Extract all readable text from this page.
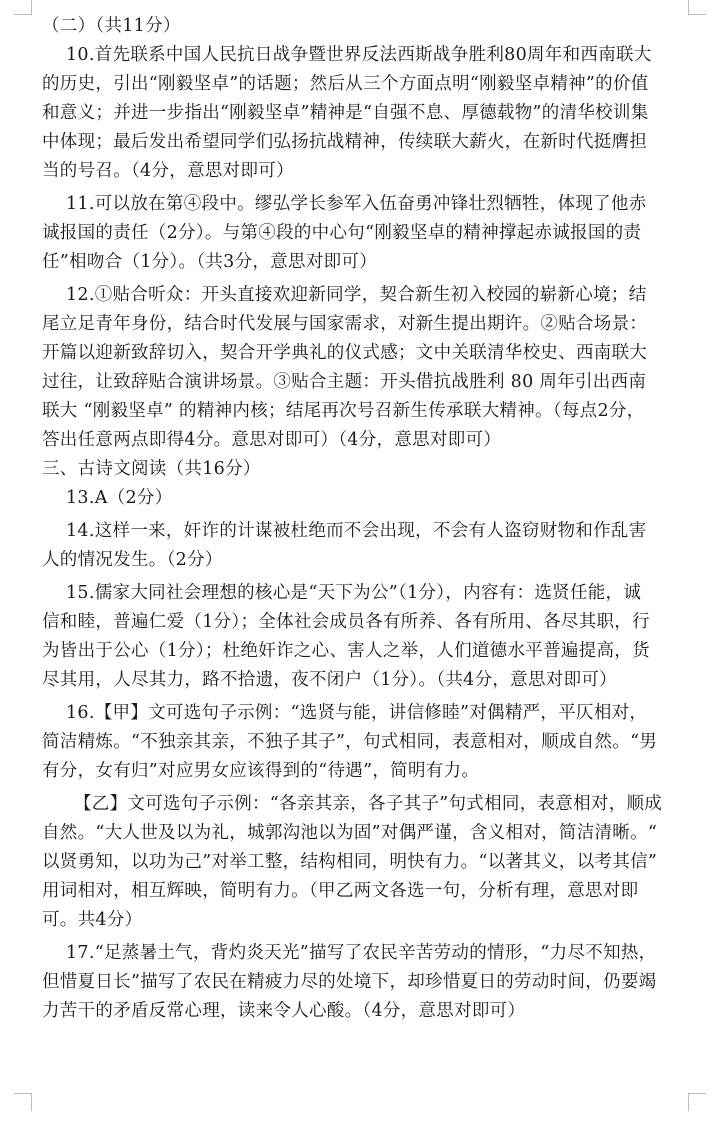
（二）（共11分）
10.首先联系中国人民抗日战争暨世界反法西斯战争胜利80周年和西南联大
的历史，引出“刚毅坚卓”的话题；然后从三个方面点明“刚毅坚卓精神”的价值
和意义；并进一步指出“刚毅坚卓”精神是“自强不息、厚德载物”的清华校训集
中体现；最后发出希望同学们弘扬抗战精神，传续联大薪火，在新时代挺膺担
当的号召。（4分，意思对即可）
11.可以放在第④段中。缪弘学长参军入伍奋勇冲锋壮烈牺牲，体现了他赤
诚报国的责任（2分）。与第④段的中心句“刚毅坚卓的精神撑起赤诚报国的责
任”相吻合（1分）。（共3分，意思对即可）
12.①贴合听众：开头直接欢迎新同学，契合新生初入校园的崭新心境；结
尾立足青年身份，结合时代发展与国家需求，对新生提出期许。②贴合场景：
开篇以迎新致辞切入，契合开学典礼的仪式感；文中关联清华校史、西南联大
过往，让致辞贴合演讲场景。③贴合主题：开头借抗战胜利 80 周年引出西南
联大 “刚毅坚卓” 的精神内核；结尾再次号召新生传承联大精神。（每点2分，
答出任意两点即得4分。意思对即可）（4分，意思对即可）
三、古诗文阅读（共16分）
13.A（2分）
14.这样一来，奸诈的计谋被杜绝而不会出现，不会有人盗窃财物和作乱害
人的情况发生。（2分）
15.儒家大同社会理想的核心是“天下为公”（1分），内容有：选贤任能，诚
信和睦，普遍仁爱（1分）；全体社会成员各有所养、各有所用、各尽其职，行
为皆出于公心（1分）；杜绝奸诈之心、害人之举，人们道德水平普遍提高，货
尽其用，人尽其力，路不拾遗，夜不闭户（1分）。（共4分，意思对即可）
16.【甲】文可选句子示例：“选贤与能，讲信修睦”对偶精严，平仄相对，
简洁精炼。“不独亲其亲，不独子其子”，句式相同，表意相对，顺成自然。“男
有分，女有归”对应男女应该得到的“待遇”，简明有力。
【乙】文可选句子示例：“各亲其亲，各子其子”句式相同，表意相对，顺成
自然。“大人世及以为礼，城郭沟池以为固”对偶严谨，含义相对，简洁清晰。“
以贤勇知，以功为己”对举工整，结构相同，明快有力。“以著其义，以考其信”
用词相对，相互辉映，简明有力。（甲乙两文各选一句，分析有理，意思对即
可。共4分）
17.“足蒸暑土气，背灼炎天光”描写了农民辛苦劳动的情形，“力尽不知热，
但惜夏日长”描写了农民在精疲力尽的处境下，却珍惜夏日的劳动时间，仍要竭
力苦干的矛盾反常心理，读来令人心酸。（4分，意思对即可）
